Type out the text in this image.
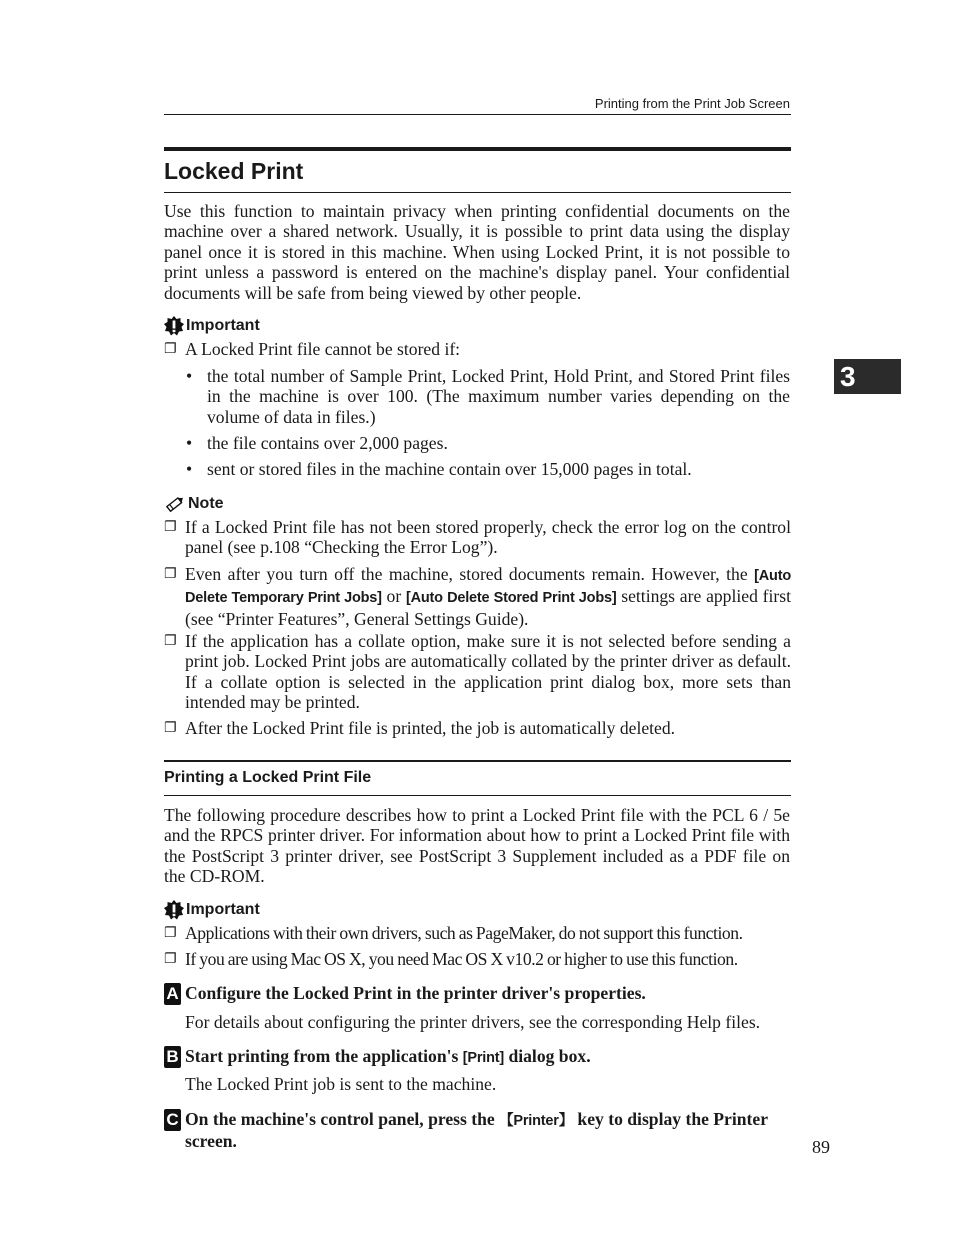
Printing from the Print Job Screen
Locked Print
Use this function to maintain privacy when printing confidential documents on the machine over a shared network. Usually, it is possible to print data using the display panel once it is stored in this machine. When using Locked Print, it is not possible to print unless a password is entered on the machine's display panel. Your confidential documents will be safe from being viewed by other people.
Important
❐ A Locked Print file cannot be stored if:
• the total number of Sample Print, Locked Print, Hold Print, and Stored Print files in the machine is over 100. (The maximum number varies depending on the volume of data in files.)
• the file contains over 2,000 pages.
• sent or stored files in the machine contain over 15,000 pages in total.
Note
❐ If a Locked Print file has not been stored properly, check the error log on the control panel (see p.108 “Checking the Error Log”).
❐ Even after you turn off the machine, stored documents remain. However, the [Auto Delete Temporary Print Jobs] or [Auto Delete Stored Print Jobs] settings are applied first (see “Printer Features”, General Settings Guide).
❐ If the application has a collate option, make sure it is not selected before sending a print job. Locked Print jobs are automatically collated by the printer driver as default. If a collate option is selected in the application print dialog box, more sets than intended may be printed.
❐ After the Locked Print file is printed, the job is automatically deleted.
Printing a Locked Print File
The following procedure describes how to print a Locked Print file with the PCL 6 / 5e and the RPCS printer driver. For information about how to print a Locked Print file with the PostScript 3 printer driver, see PostScript 3 Supplement included as a PDF file on the CD-ROM.
Important
❐ Applications with their own drivers, such as PageMaker, do not support this function.
❐ If you are using Mac OS X, you need Mac OS X v10.2 or higher to use this function.
A Configure the Locked Print in the printer driver's properties.
For details about configuring the printer drivers, see the corresponding Help files.
B Start printing from the application's [Print] dialog box.
The Locked Print job is sent to the machine.
C On the machine's control panel, press the 【Printer】 key to display the Printer screen.
3
89
